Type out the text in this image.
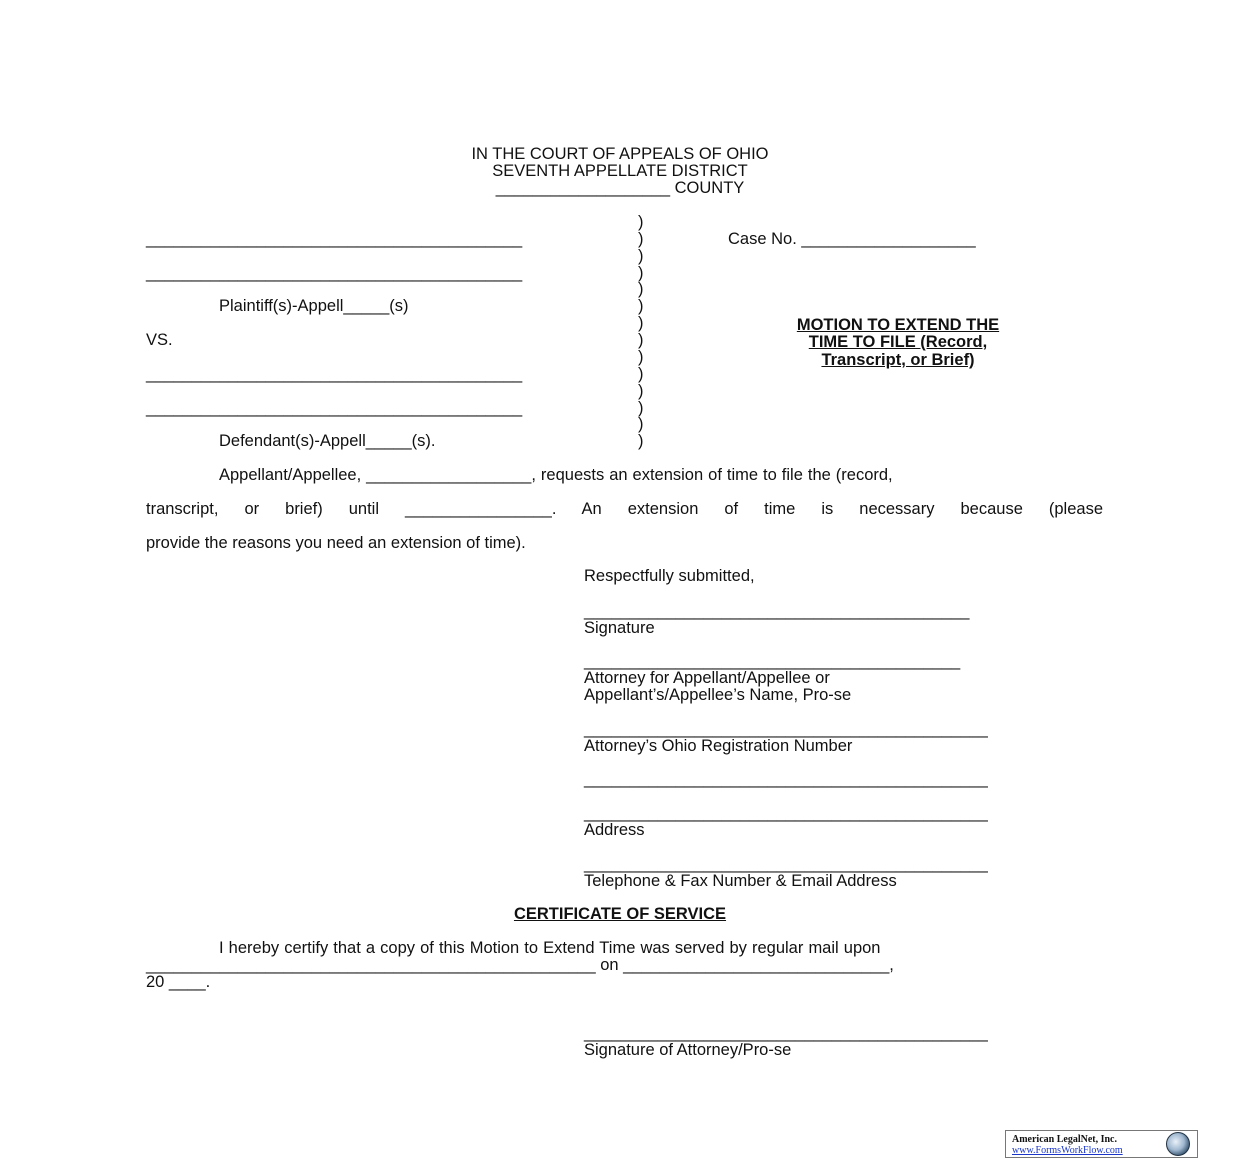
IN THE COURT OF APPEALS OF OHIO
SEVENTH APPELLATE DISTRICT
___________________ COUNTY
_________________________________________
_________________________________________
Plaintiff(s)-Appell_____(s)
VS.
_________________________________________
_________________________________________
Defendant(s)-Appell_____(s).
)
)
)
)
)
)
)
)
)
)
)
)
)
)
Case No. ___________________
MOTION TO EXTEND THE
TIME TO FILE (Record,
Transcript, or Brief)
Appellant/Appellee, __________________, requests an extension of time to file the (record,
transcript, or brief) until ________________. An extension of time is necessary because (please
provide the reasons you need an extension of time).
Respectfully submitted,
__________________________________________
Signature
_________________________________________
Attorney for Appellant/Appellee or
Appellant’s/Appellee’s Name, Pro-se
____________________________________________
Attorney’s Ohio Registration Number
____________________________________________
____________________________________________
Address
____________________________________________
Telephone & Fax Number & Email Address
CERTIFICATE OF SERVICE
I hereby certify that a copy of this Motion to Extend Time was served by regular mail upon
_________________________________________________ on _____________________________,
20 ____.
____________________________________________
Signature of Attorney/Pro-se
American LegalNet, Inc.
www.FormsWorkFlow.com
